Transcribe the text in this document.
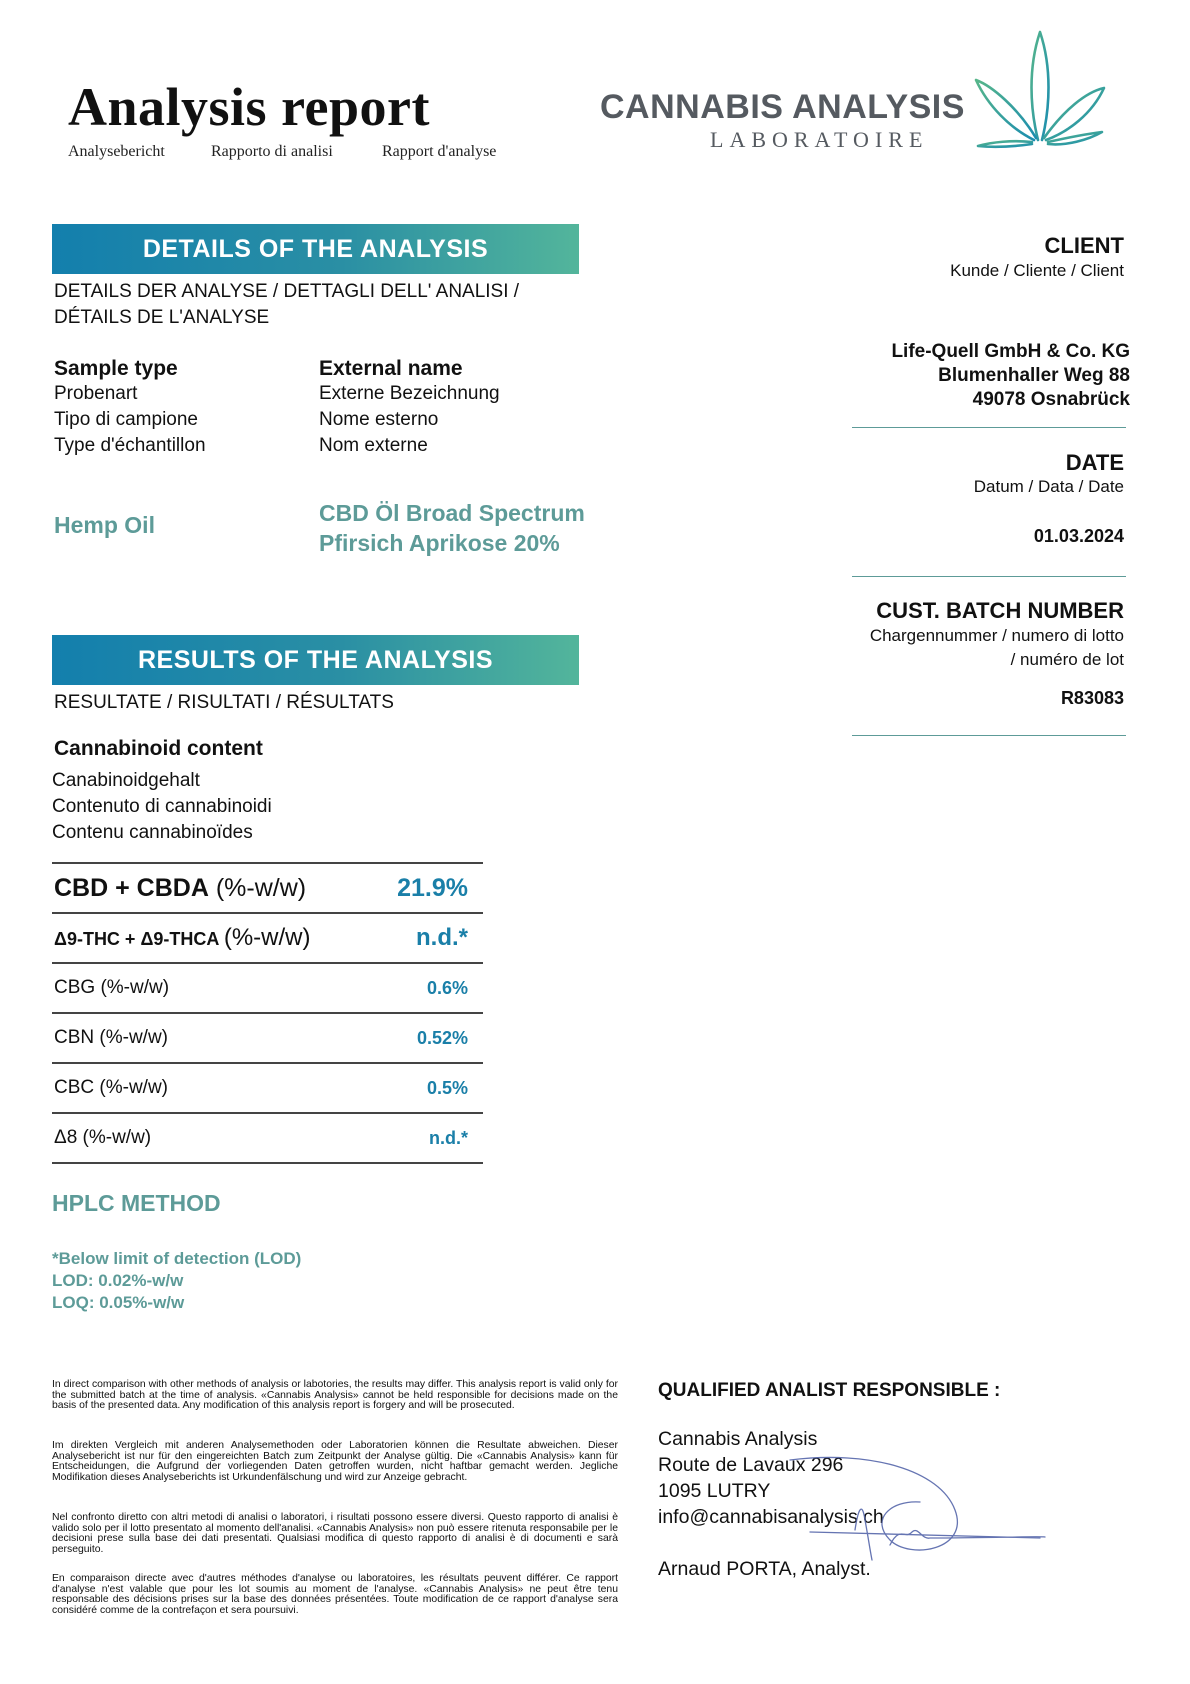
Analysis report
Analysebericht	Rapporto di analisi	Rapport d'analyse
CANNABIS ANALYSIS
LABORATOIRE
DETAILS OF THE ANALYSIS
DETAILS DER ANALYSE / DETTAGLI DELL' ANALISI /
DÉTAILS DE L'ANALYSE
Sample type
Probenart
Tipo di campione
Type d'échantillon
External name
Externe Bezeichnung
Nome esterno
Nom externe
Hemp Oil	CBD Öl Broad Spectrum
Pfirsich Aprikose 20%
RESULTS OF THE ANALYSIS
RESULTATE / RISULTATI / RÉSULTATS
Cannabinoid content
Canabinoidgehalt
Contenuto di cannabinoidi
Contenu cannabinoïdes
CBD + CBDA (%-w/w)	21.9%
Δ9-THC + Δ9-THCA (%-w/w)	n.d.*
CBG (%-w/w)	0.6%
CBN (%-w/w)	0.52%
CBC (%-w/w)	0.5%
Δ8 (%-w/w)	n.d.*
HPLC METHOD
*Below limit of detection (LOD)
LOD: 0.02%-w/w
LOQ: 0.05%-w/w
CLIENT
Kunde / Cliente / Client
Life-Quell GmbH & Co. KG
Blumenhaller Weg 88
49078 Osnabrück
DATE
Datum / Data / Date
01.03.2024
CUST. BATCH NUMBER
Chargennummer / numero di lotto
/ numéro de lot
R83083
In direct comparison with other methods of analysis or labotories, the results may differ. This analysis report is valid only for the submitted batch at the time of analysis. «Cannabis Analysis» cannot be held responsible for decisions made on the basis of the presented data. Any modification of this analysis report is forgery and will be prosecuted.
Im direkten Vergleich mit anderen Analysemethoden oder Laboratorien können die Resultate abweichen. Dieser Analysebericht ist nur für den eingereichten Batch zum Zeitpunkt der Analyse gültig. Die «Cannabis Analysis» kann für Entscheidungen, die Aufgrund der vorliegenden Daten getroffen wurden, nicht haftbar gemacht werden. Jegliche Modifikation dieses Analyseberichts ist Urkundenfälschung und wird zur Anzeige gebracht.
Nel confronto diretto con altri metodi di analisi o laboratori, i risultati possono essere diversi. Questo rapporto di analisi è valido solo per il lotto presentato al momento dell'analisi. «Cannabis Analysis» non può essere ritenuta responsabile per le decisioni prese sulla base dei dati presentati. Qualsiasi modifica di questo rapporto di analisi è di documenti e sarà perseguito.
En comparaison directe avec d'autres méthodes d'analyse ou laboratoires, les résultats peuvent différer. Ce rapport d'analyse n'est valable que pour les lot soumis au moment de l'analyse. «Cannabis Analysis» ne peut être tenu responsable des décisions prises sur la base des données présentées. Toute modification de ce rapport d'analyse sera considéré comme de la contrefaçon et sera poursuivi.
QUALIFIED ANALIST RESPONSIBLE :
Cannabis Analysis
Route de Lavaux 296
1095 LUTRY
info@cannabisanalysis.ch
Arnaud PORTA, Analyst.
